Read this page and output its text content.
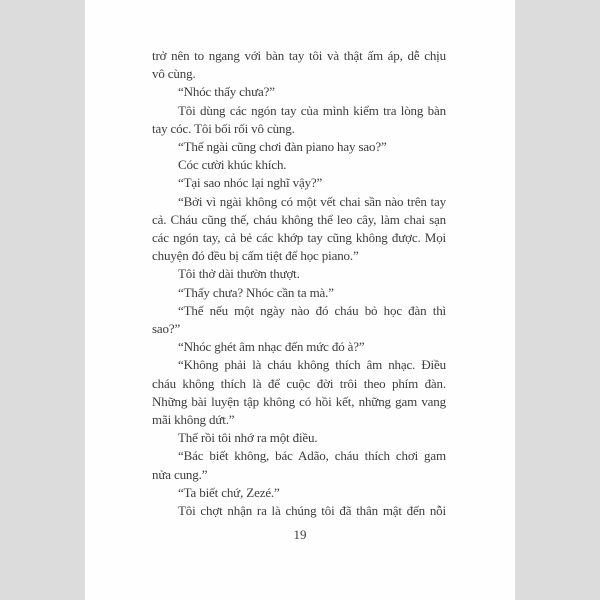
trở nên to ngang với bàn tay tôi và thật ấm áp, dễ chịu
vô cùng.
“Nhóc thấy chưa?”
Tôi dùng các ngón tay của mình kiểm tra lòng bàn
tay cóc. Tôi bối rối vô cùng.
“Thế ngài cũng chơi đàn piano hay sao?”
Cóc cười khúc khích.
“Tại sao nhóc lại nghĩ vậy?”
“Bởi vì ngài không có một vết chai sần nào trên tay
cả. Cháu cũng thế, cháu không thể leo cây, làm chai sạn
các ngón tay, cả bẻ các khớp tay cũng không được. Mọi
chuyện đó đều bị cấm tiệt để học piano.”
Tôi thở dài thườn thượt.
“Thấy chưa? Nhóc cần ta mà.”
“Thế nếu một ngày nào đó cháu bỏ học đàn thì
sao?”
“Nhóc ghét âm nhạc đến mức đó à?”
“Không phải là cháu không thích âm nhạc. Điều
cháu không thích là để cuộc đời trôi theo phím đàn.
Những bài luyện tập không có hồi kết, những gam vang
mãi không dứt.”
Thế rồi tôi nhớ ra một điều.
“Bác biết không, bác Adão, cháu thích chơi gam
nửa cung.”
“Ta biết chứ, Zezé.”
Tôi chợt nhận ra là chúng tôi đã thân mật đến nỗi
19
